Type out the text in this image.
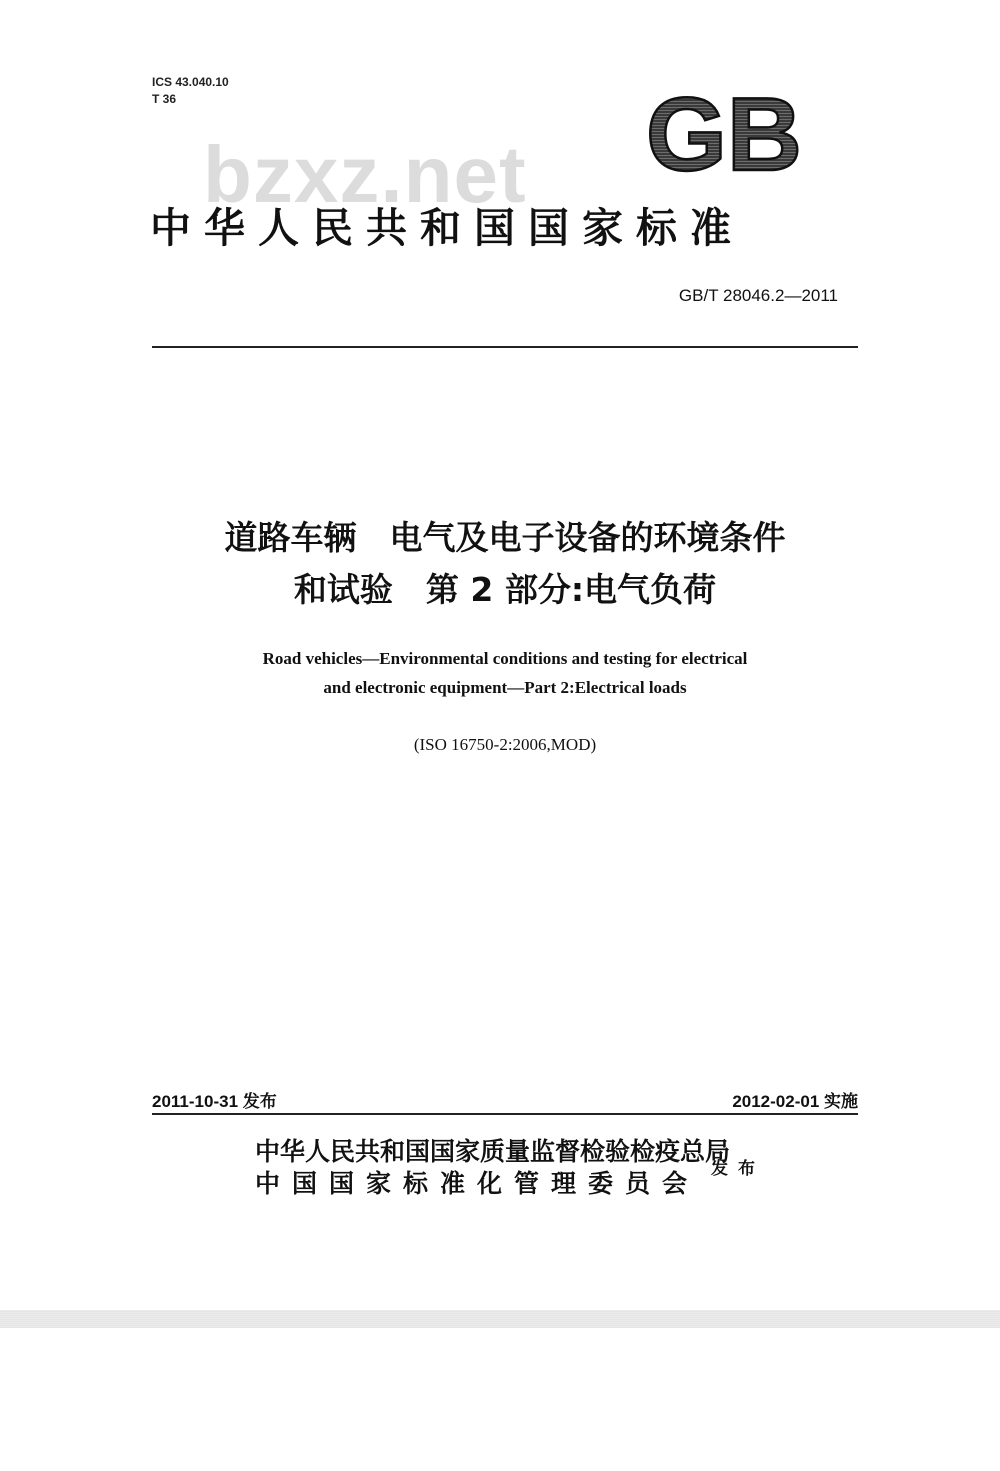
ICS 43.040.10
T 36	GB
bzxz.net
中华人民共和国国家标准
GB/T 28046.2—2011
道路车辆　电气及电子设备的环境条件
和试验　第 2 部分:电气负荷
Road vehicles—Environmental conditions and testing for electrical
and electronic equipment—Part 2:Electrical loads
(ISO 16750-2:2006,MOD)
2011-10-31 发布	2012-02-01 实施
中华人民共和国国家质量监督检验检疫总局
中国国家标准化管理委员会 发布
